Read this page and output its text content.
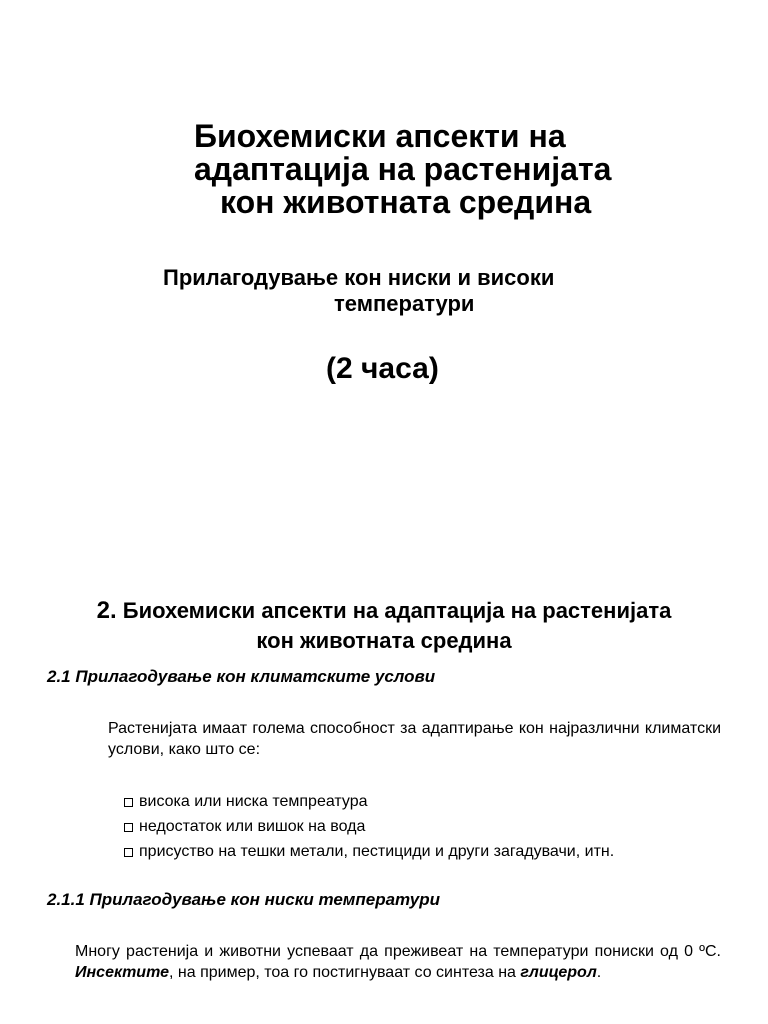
Биохемиски апсекти на
адаптација на растенијата
кон животната средина
Прилагодување кон ниски и високи
температури
(2 часа)
2. Биохемиски апсекти на адаптација на растенијата
кон животната средина
2.1 Прилагодување кон климатските услови
Растенијата имаат голема способност за адаптирање кон најразлични климатски услови, како што се:
висока или ниска темпреатура
недостаток или вишок на вода
присуство на тешки метали, пестициди и други загадувачи, итн.
2.1.1 Прилагодување кон ниски температури
Многу растенија и животни успеваат да преживеат на температури пониски од 0 ºC. Инсектите, на пример, тоа го постигнуваат со синтеза на глицерол.
